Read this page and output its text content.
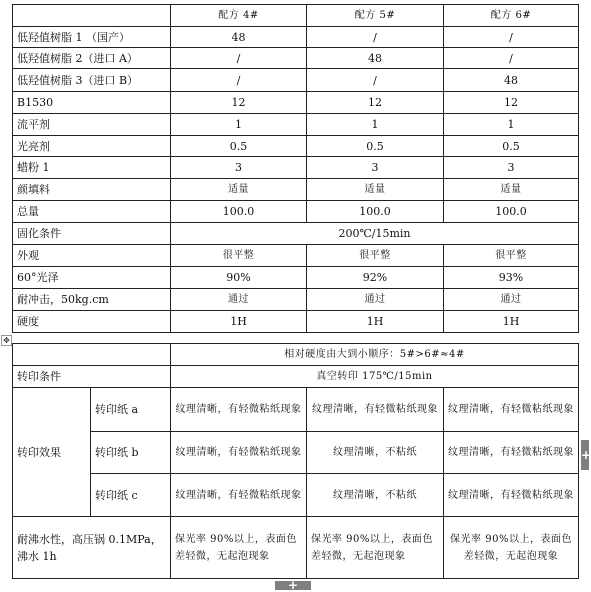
	配方 4#	配方 5#	配方 6#
低羟值树脂 1 （国产）	48	/	/
低羟值树脂 2（进口 A）	/	48	/
低羟值树脂 3（进口 B）	/	/	48
B1530	12	12	12
流平剂	1	1	1
光亮剂	0.5	0.5	0.5
蜡粉 1	3	3	3
颜填料	适量	适量	适量
总量	100.0	100.0	100.0
固化条件	200℃/15min		
外观	很平整	很平整	很平整
60°光泽	90%	92%	93%
耐冲击，50kg.cm	通过	通过	通过
硬度	1H	1H	1H
✥
		相对硬度由大到小顺序：5#>6#≈4#		
转印条件		真空转印 175℃/15min		
转印效果	转印纸 a	纹理清晰，有轻微粘纸现象	纹理清晰，有轻微粘纸现象	纹理清晰，有轻微粘纸现象
	转印纸 b	纹理清晰，有轻微粘纸现象	纹理清晰，不粘纸	纹理清晰，有轻微粘纸现象
	转印纸 c	纹理清晰，有轻微粘纸现象	纹理清晰，不粘纸	纹理清晰，有轻微粘纸现象
耐沸水性，高压锅 0.1MPa，沸水 1h		保光率 90%以上，表面色差轻微，无起泡现象	保光率 90%以上，表面色差轻微，无起泡现象	保光率 90%以上，表面色差轻微，无起泡现象
+
+
